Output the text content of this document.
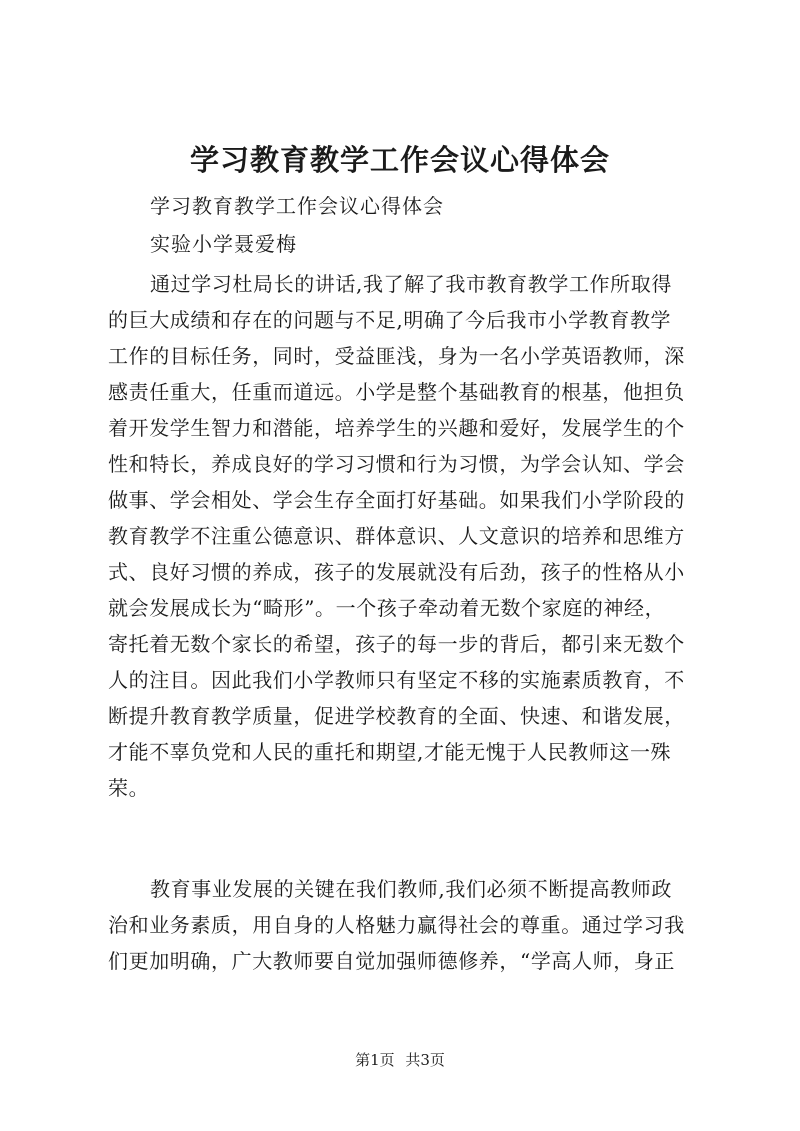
学习教育教学工作会议心得体会
学习教育教学工作会议心得体会
实验小学聂爱梅
通过学习杜局长的讲话,我了解了我市教育教学工作所取得
的巨大成绩和存在的问题与不足,明确了今后我市小学教育教学
工作的目标任务，同时，受益匪浅，身为一名小学英语教师，深
感责任重大，任重而道远。小学是整个基础教育的根基，他担负
着开发学生智力和潜能，培养学生的兴趣和爱好，发展学生的个
性和特长，养成良好的学习习惯和行为习惯，为学会认知、学会
做事、学会相处、学会生存全面打好基础。如果我们小学阶段的
教育教学不注重公德意识、群体意识、人文意识的培养和思维方
式、良好习惯的养成，孩子的发展就没有后劲，孩子的性格从小
就会发展成长为“畸形”。一个孩子牵动着无数个家庭的神经，
寄托着无数个家长的希望，孩子的每一步的背后，都引来无数个
人的注目。因此我们小学教师只有坚定不移的实施素质教育，不
断提升教育教学质量，促进学校教育的全面、快速、和谐发展，
才能不辜负党和人民的重托和期望,才能无愧于人民教师这一殊
荣。
教育事业发展的关键在我们教师,我们必须不断提高教师政
治和业务素质，用自身的人格魅力赢得社会的尊重。通过学习我
们更加明确，广大教师要自觉加强师德修养，“学高人师，身正
第1页 共3页
